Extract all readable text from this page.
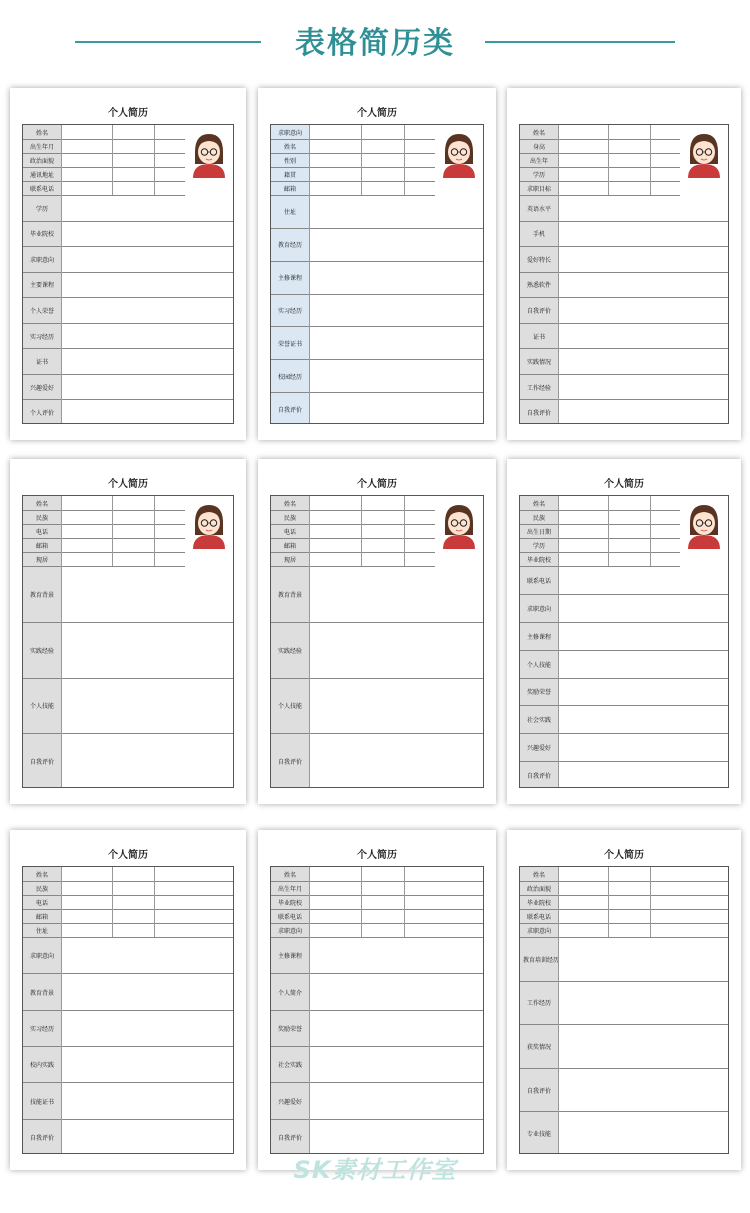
表格简历类
个人简历
姓名
出生年月
政治面貌
通讯地址
联系电话
学历
毕业院校
求职意向
主要课程
个人荣誉
实习经历
证书
兴趣爱好
个人评价
个人简历
求职意向
姓名
性别
籍贯
邮箱
住址
教育经历
主修课程
实习经历
荣誉证书
校园经历
自我评价
姓名
身高
出生年
学历
求职目标
英语水平
手机
爱好特长
熟悉软件
自我评价
证书
实践情况
工作经验
自我评价
个人简历
姓名
民族
电话
邮箱
现居
教育背景
实践经验
个人技能
自我评价
个人简历
姓名
民族
电话
邮箱
现居
教育背景
实践经验
个人技能
自我评价
个人简历
姓名
民族
出生日期
学历
毕业院校
联系电话
求职意向
主修课程
个人技能
奖励荣誉
社会实践
兴趣爱好
自我评价
个人简历
姓名
民族
电话
邮箱
住址
求职意向
教育背景
实习经历
校内实践
技能证书
自我评价
个人简历
姓名
出生年月
毕业院校
联系电话
求职意向
主修课程
个人简介
奖励荣誉
社会实践
兴趣爱好
自我评价
个人简历
姓名
政治面貌
毕业院校
联系电话
求职意向
教育培训经历
工作经历
获奖情况
自我评价
专业技能
SK素材工作室
